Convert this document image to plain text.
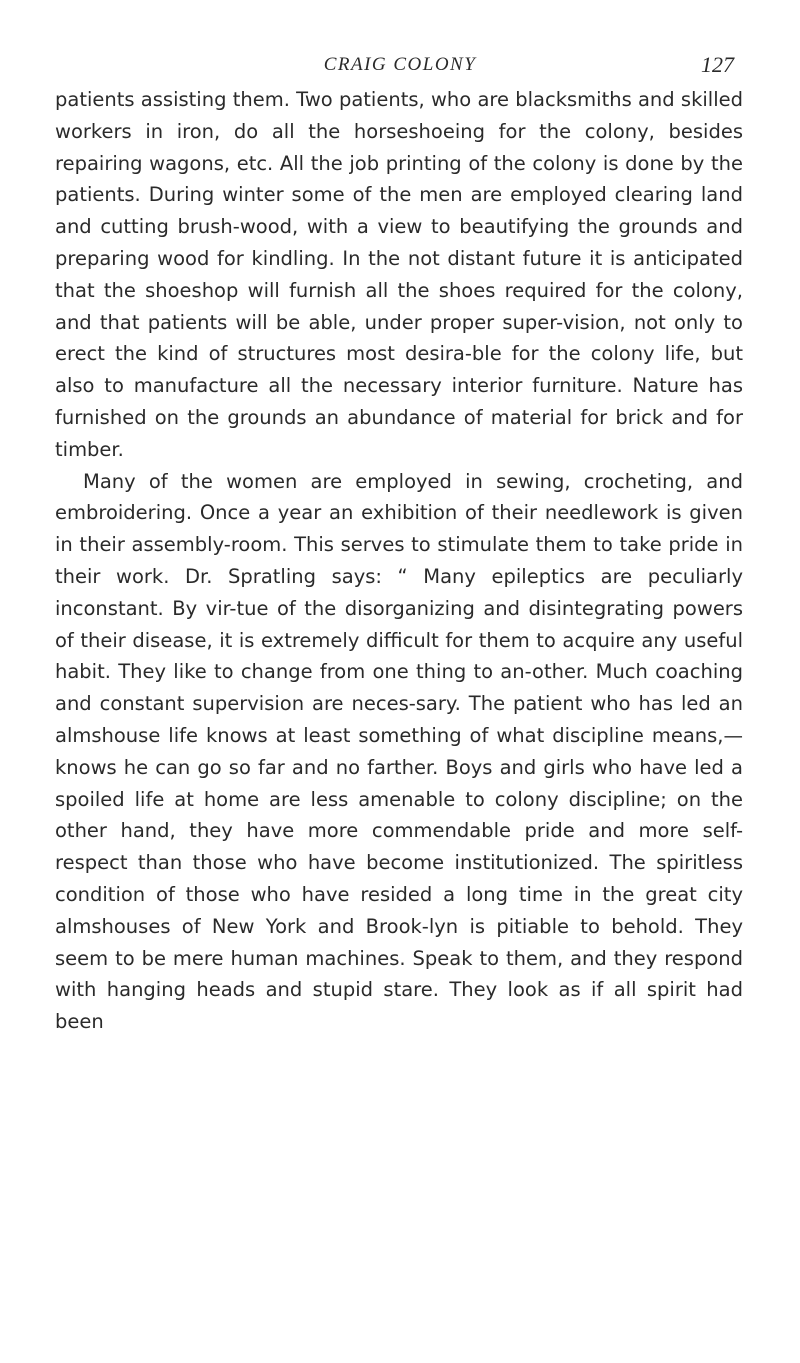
CRAIG COLONY	127

patients assisting them. Two patients, who are blacksmiths and skilled workers in iron, do all the horseshoeing for the colony, besides repairing wagons, etc. All the job printing of the colony is done by the patients. During winter some of the men are employed clearing land and cutting brush-wood, with a view to beautifying the grounds and preparing wood for kindling. In the not distant future it is anticipated that the shoeshop will furnish all the shoes required for the colony, and that patients will be able, under proper super-vision, not only to erect the kind of structures most desira-ble for the colony life, but also to manufacture all the necessary interior furniture. Nature has furnished on the grounds an abundance of material for brick and for timber.

Many of the women are employed in sewing, crocheting, and embroidering. Once a year an exhibition of their needlework is given in their assembly-room. This serves to stimulate them to take pride in their work. Dr. Spratling says: “ Many epileptics are peculiarly inconstant. By vir-tue of the disorganizing and disintegrating powers of their disease, it is extremely difficult for them to acquire any useful habit. They like to change from one thing to an-other. Much coaching and constant supervision are neces-sary. The patient who has led an almshouse life knows at least something of what discipline means,—knows he can go so far and no farther. Boys and girls who have led a spoiled life at home are less amenable to colony discipline; on the other hand, they have more commendable pride and more self-respect than those who have become institutionized. The spiritless condition of those who have resided a long time in the great city almshouses of New York and Brook-lyn is pitiable to behold. They seem to be mere human machines. Speak to them, and they respond with hanging heads and stupid stare. They look as if all spirit had been
